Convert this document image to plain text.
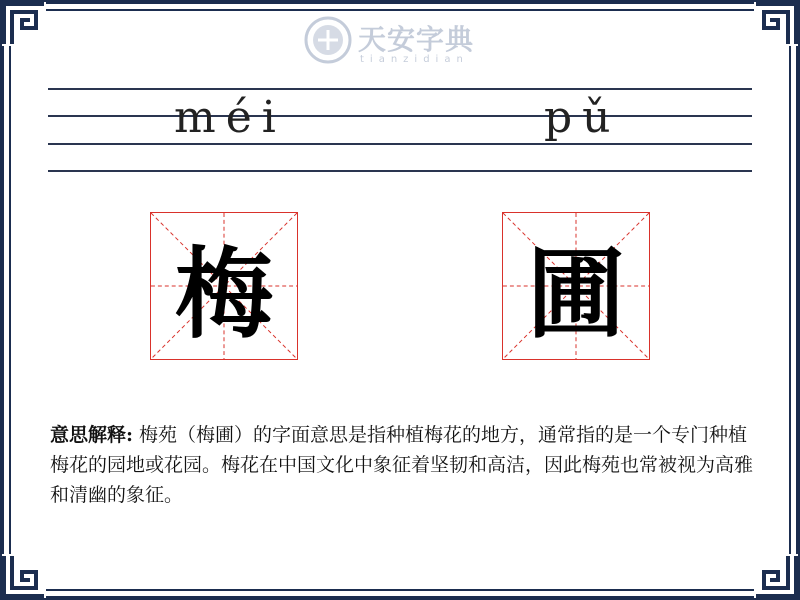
天安字典
tianzidian
méi	pǔ
梅	圃
意思解释: 梅苑（梅圃）的字面意思是指种植梅花的地方，通常指的是一个专门种植梅花的园地或花园。梅花在中国文化中象征着坚韧和高洁，因此梅苑也常被视为高雅和清幽的象征。
